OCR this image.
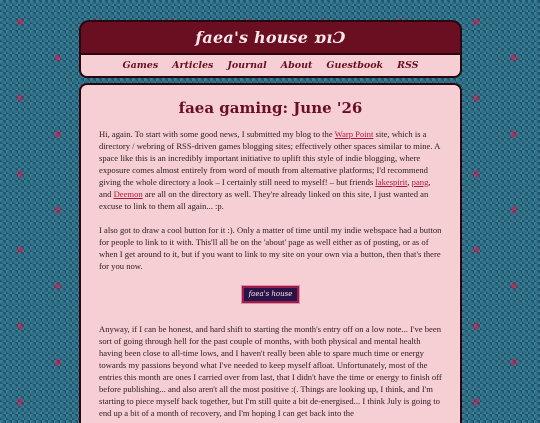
faea's house ɒıƆ
Games Articles Journal About Guestbook RSS
faea gaming: June '26

Hi, again. To start with some good news, I submitted my blog to the Warp Point site, which is a directory / webring of RSS-driven games blogging sites; effectively other spaces similar to mine. A space like this is an incredibly important initiative to uplift this style of indie blogging, where exposure comes almost entirely from word of mouth from alternative platforms; I'd recommend giving the whole directory a look – I certainly still need to myself! – but friends lakespirit, pang,
and Deemon are all on the directory as well. They're already linked on this site, I just wanted an excuse to link to them all again... :p.

I also got to draw a cool button for it :). Only a matter of time until my indie webspace had a button for people to link to it with. This'll all be on the 'about' page as well either as of posting, or as of when I get around to it, but if you want to link to my site on your own via a button, then that's there for you now.

faea's house

Anyway, if I can be honest, and hard shift to starting the month's entry off on a low note... I've been sort of going through hell for the past couple of months, with both physical and mental health having been close to all-time lows, and I haven't really been able to spare much time or energy towards my passions beyond what I've needed to keep myself afloat. Unfortunately, most of the entries this month are ones I carried over from last, that I didn't have the time or energy to finish off before publishing... and also aren't all the most positive :(. Things are looking up, I think, and I'm starting to piece myself back together, but I'm still quite a bit de-energised... I think July is going to end up a bit of a month of recovery, and I'm hoping I can get back into the
